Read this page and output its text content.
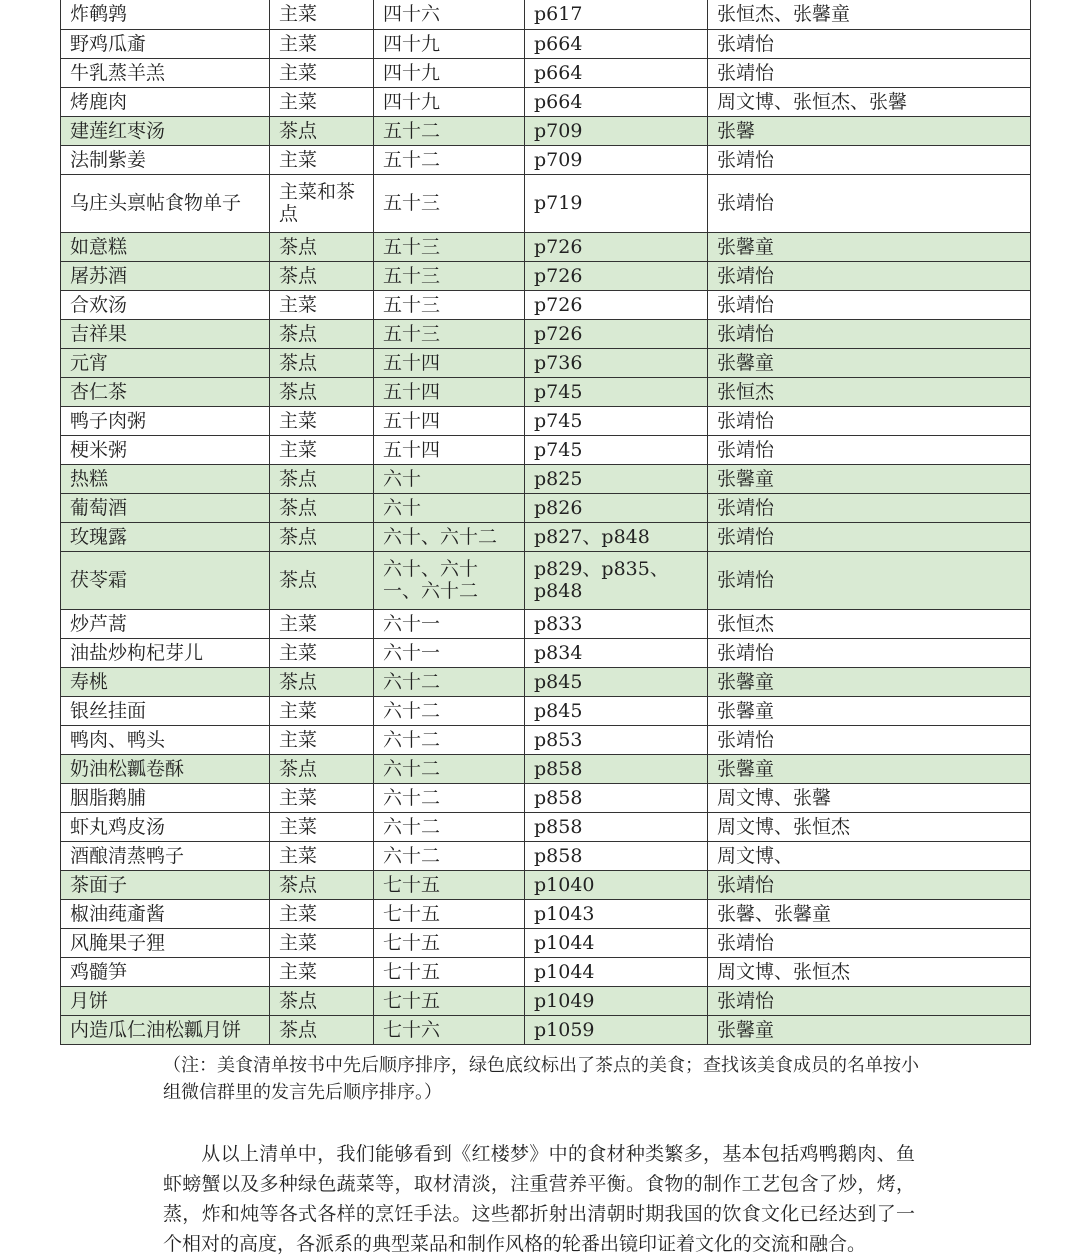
炸鹌鹑	主菜	四十六	p617	张恒杰、张馨童
野鸡瓜齑	主菜	四十九	p664	张靖怡
牛乳蒸羊羔	主菜	四十九	p664	张靖怡
烤鹿肉	主菜	四十九	p664	周文博、张恒杰、张馨
建莲红枣汤	茶点	五十二	p709	张馨
法制紫姜	主菜	五十二	p709	张靖怡
乌庄头禀帖食物单子	主菜和茶点	五十三	p719	张靖怡
如意糕	茶点	五十三	p726	张馨童
屠苏酒	茶点	五十三	p726	张靖怡
合欢汤	主菜	五十三	p726	张靖怡
吉祥果	茶点	五十三	p726	张靖怡
元宵	茶点	五十四	p736	张馨童
杏仁茶	茶点	五十四	p745	张恒杰
鸭子肉粥	主菜	五十四	p745	张靖怡
梗米粥	主菜	五十四	p745	张靖怡
热糕	茶点	六十	p825	张馨童
葡萄酒	茶点	六十	p826	张靖怡
玫瑰露	茶点	六十、六十二	p827、p848	张靖怡
茯苓霜	茶点	六十、六十一、六十二	p829、p835、p848	张靖怡
炒芦蒿	主菜	六十一	p833	张恒杰
油盐炒枸杞芽儿	主菜	六十一	p834	张靖怡
寿桃	茶点	六十二	p845	张馨童
银丝挂面	主菜	六十二	p845	张馨童
鸭肉、鸭头	主菜	六十二	p853	张靖怡
奶油松瓤卷酥	茶点	六十二	p858	张馨童
胭脂鹅脯	主菜	六十二	p858	周文博、张馨
虾丸鸡皮汤	主菜	六十二	p858	周文博、张恒杰
酒酿清蒸鸭子	主菜	六十二	p858	周文博、
茶面子	茶点	七十五	p1040	张靖怡
椒油莼齑酱	主菜	七十五	p1043	张馨、张馨童
风腌果子狸	主菜	七十五	p1044	张靖怡
鸡髓笋	主菜	七十五	p1044	周文博、张恒杰
月饼	茶点	七十五	p1049	张靖怡
内造瓜仁油松瓤月饼	茶点	七十六	p1059	张馨童

（注：美食清单按书中先后顺序排序，绿色底纹标出了茶点的美食；查找该美食成员的名单按小组微信群里的发言先后顺序排序。）

从以上清单中，我们能够看到《红楼梦》中的食材种类繁多，基本包括鸡鸭鹅肉、鱼虾螃蟹以及多种绿色蔬菜等，取材清淡，注重营养平衡。食物的制作工艺包含了炒，烤，蒸，炸和炖等各式各样的烹饪手法。这些都折射出清朝时期我国的饮食文化已经达到了一个相对的高度，各派系的典型菜品和制作风格的轮番出镜印证着文化的交流和融合。
